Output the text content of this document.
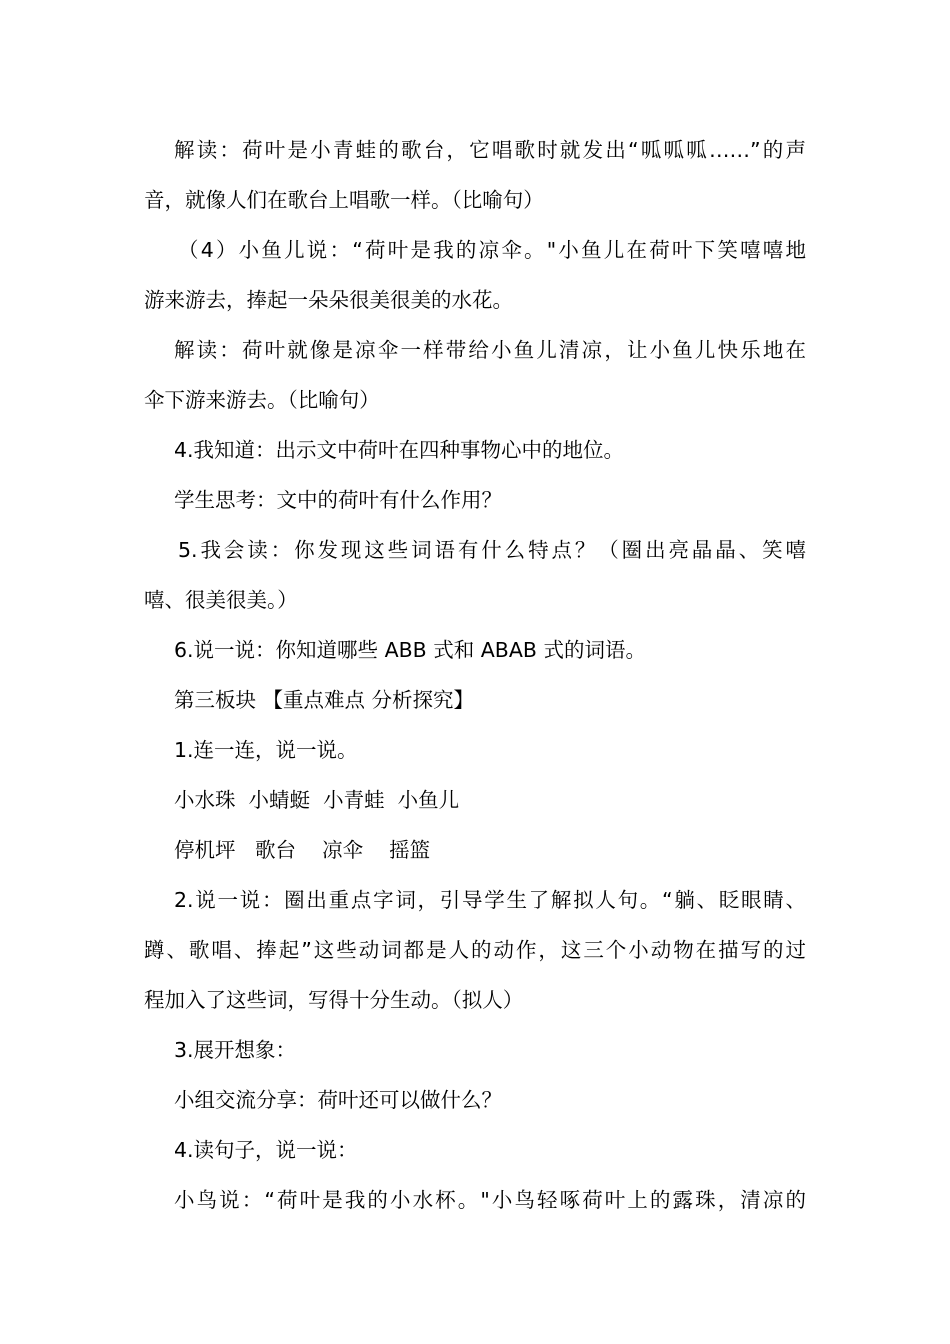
解读：荷叶是小青蛙的歌台，它唱歌时就发出“呱呱呱……”的声
音，就像人们在歌台上唱歌一样。（比喻句）
（4）小鱼儿说：“荷叶是我的凉伞。"小鱼儿在荷叶下笑嘻嘻地
游来游去，捧起一朵朵很美很美的水花。
解读：荷叶就像是凉伞一样带给小鱼儿清凉，让小鱼儿快乐地在
伞下游来游去。（比喻句）
4.我知道：出示文中荷叶在四种事物心中的地位。
学生思考：文中的荷叶有什么作用？
5.我会读：你发现这些词语有什么特点？（圈出亮晶晶、笑嘻
嘻、很美很美。）
6.说一说：你知道哪些 ABB 式和 ABAB 式的词语。
第三板块 【重点难点 分析探究】
1.连一连，说一说。
小水珠  小蜻蜓  小青蛙  小鱼儿
停机坪   歌台    凉伞    摇篮
2.说一说：圈出重点字词，引导学生了解拟人句。“躺、眨眼睛、
蹲、歌唱、捧起”这些动词都是人的动作，这三个小动物在描写的过
程加入了这些词，写得十分生动。（拟人）
3.展开想象：
小组交流分享：荷叶还可以做什么？
4.读句子，说一说：
小鸟说：“荷叶是我的小水杯。"小鸟轻啄荷叶上的露珠，清凉的
